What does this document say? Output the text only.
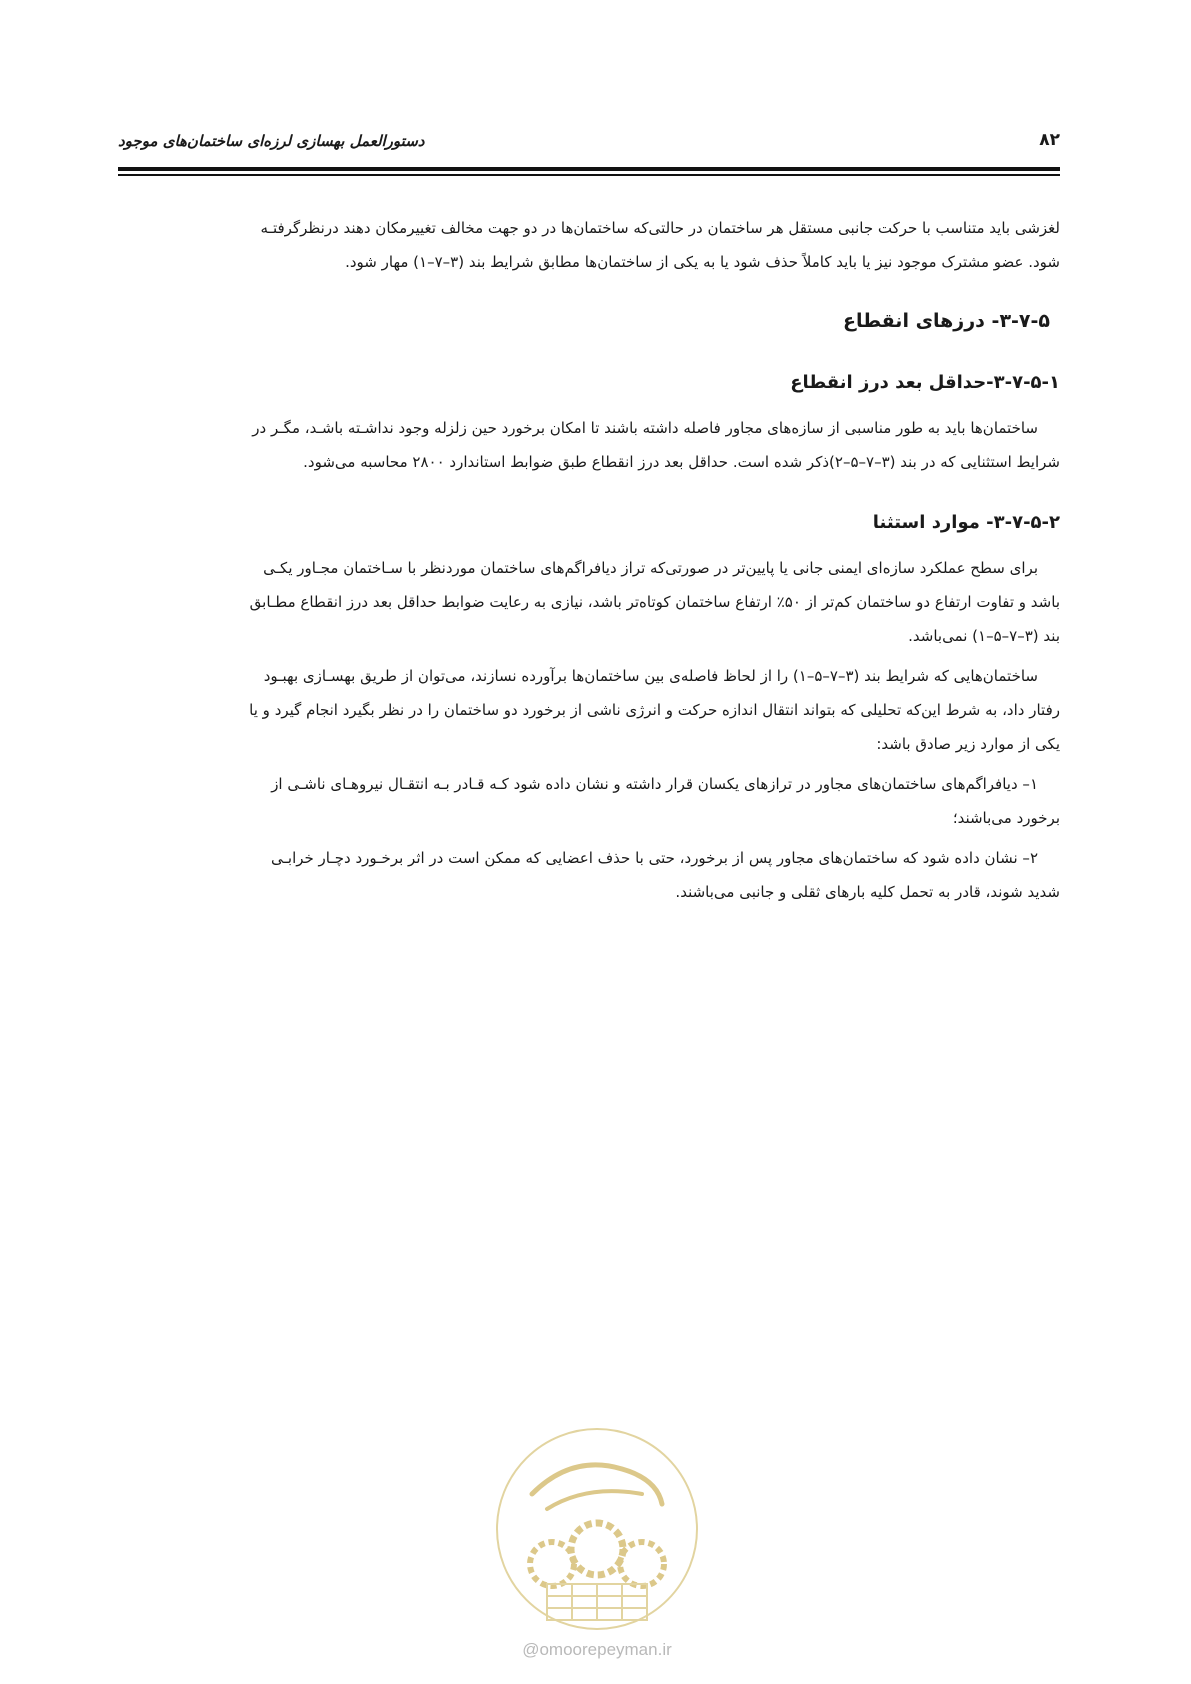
۸۲
دستورالعمل بهسازی لرزه‌ای ساختمان‌های موجود

لغزشی باید متناسب با حرکت جانبی مستقل هر ساختمان در حالتی‌که ساختمان‌ها در دو جهت مخالف تغییرمکان دهند درنظرگرفتـه
شود. عضو مشترک موجود نیز یا باید کاملاً حذف شود یا به یکی از ساختمان‌ها مطابق شرایط بند (۳–۷–۱) مهار شود.

۳-۷-۵- درزهای انقطاع
۳-۷-۵-۱-حداقل بعد درز انقطاع

ساختمان‌ها باید به طور مناسبی از سازه‌های مجاور فاصله داشته باشند تا امکان برخورد حین زلزله وجود نداشـته باشـد، مگـر در
شرایط استثنایی که در بند (۳–۷–۵–۲)ذکر شده است. حداقل بعد درز انقطاع طبق ضوابط استاندارد ۲۸۰۰ محاسبه می‌شود.

۳-۷-۵-۲- موارد استثنا

برای سطح عملکرد سازه‌ای ایمنی جانی یا پایین‌تر در صورتی‌که تراز دیافراگم‌های ساختمان موردنظر با سـاختمان مجـاور یکـی
باشد و تفاوت ارتفاع دو ساختمان کم‌تر از ۵۰٪ ارتفاع ساختمان کوتاه‌تر باشد، نیازی به رعایت ضوابط حداقل بعد درز انقطاع مطـابق
بند (۳–۷–۵–۱) نمی‌باشد.

ساختمان‌هایی که شرایط بند (۳–۷–۵–۱) را از لحاظ فاصله‌ی بین ساختمان‌ها برآورده نسازند، می‌توان از طریق بهسـازی بهبـود
رفتار داد، به شرط این‌که تحلیلی که بتواند انتقال اندازه حرکت و انرژی ناشی از برخورد دو ساختمان را در نظر بگیرد انجام گیرد و یا
یکی از موارد زیر صادق باشد:

۱– دیافراگم‌های ساختمان‌های مجاور در ترازهای یکسان قرار داشته و نشان داده شود کـه قـادر بـه انتقـال نیروهـای ناشـی از
برخورد می‌باشند؛

۲– نشان داده شود که ساختمان‌های مجاور پس از برخورد، حتی با حذف اعضایی که ممکن است در اثر برخـورد دچـار خرابـی
شدید شوند، قادر به تحمل کلیه بارهای ثقلی و جانبی می‌باشند.

@omoorepeyman.ir
